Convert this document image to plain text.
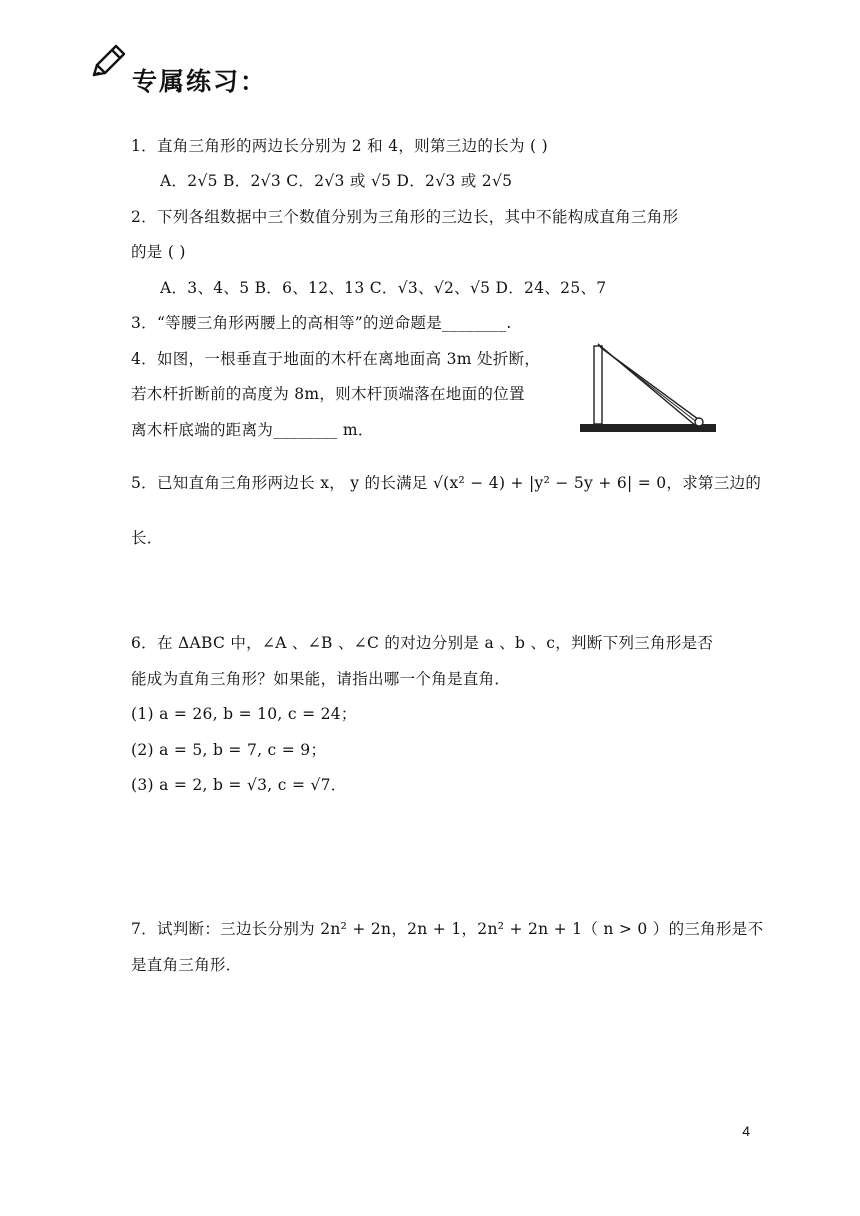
专属练习：
1．直角三角形的两边长分别为 2 和 4，则第三边的长为 ( )
A．2√5 B．2√3 C．2√3 或 √5 D．2√3 或 2√5
2．下列各组数据中三个数值分别为三角形的三边长，其中不能构成直角三角形
的是 ( )
A．3、4、5 B．6、12、13 C．√3、√2、√5 D．24、25、7
3．“等腰三角形两腰上的高相等”的逆命题是________.
4．如图，一根垂直于地面的木杆在离地面高 3m 处折断，
若木杆折断前的高度为 8m，则木杆顶端落在地面的位置
离木杆底端的距离为________ m．
5．已知直角三角形两边长 x， y 的长满足 √(x² − 4) + |y² − 5y + 6| = 0，求第三边的
长．
6．在 ΔABC 中，∠A 、∠B 、∠C 的对边分别是 a 、b 、c，判断下列三角形是否
能成为直角三角形？如果能，请指出哪一个角是直角．
(1) a = 26, b = 10, c = 24；
(2) a = 5, b = 7, c = 9；
(3) a = 2, b = √3, c = √7．
7．试判断：三边长分别为 2n² + 2n，2n + 1，2n² + 2n + 1（ n > 0 ）的三角形是不
是直角三角形．
4
